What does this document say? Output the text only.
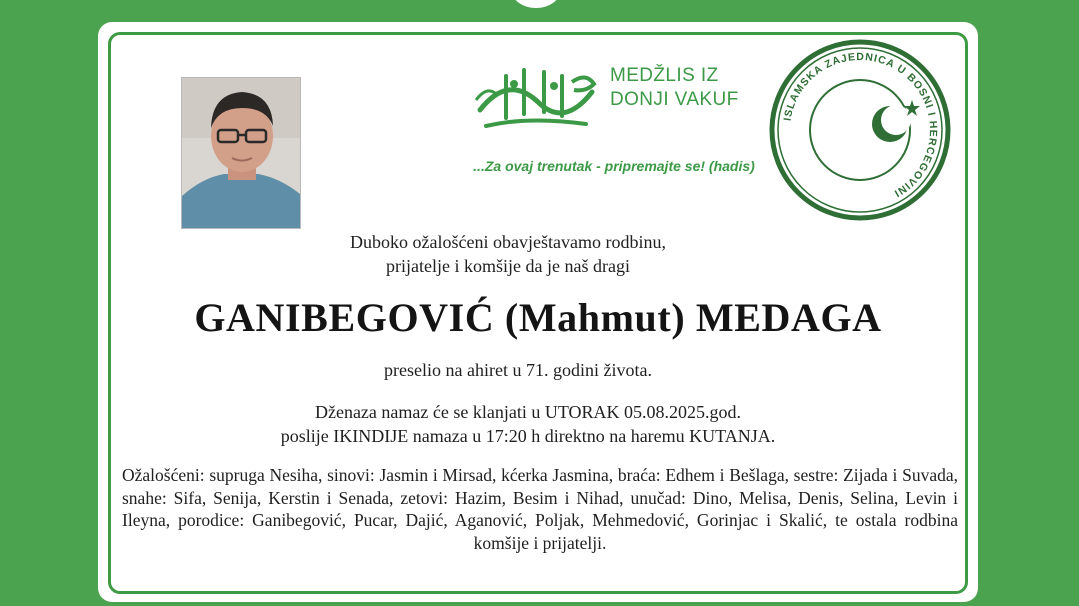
MEDŽLIS IZ
DONJI VAKUF
...Za ovaj trenutak - pripremajte se! (hadis)
ISLAMSKA ZAJEDNICA U BOSNI I HERCEGOVINI
Duboko ožalošćeni obavještavamo rodbinu,
prijatelje i komšije da je naš dragi
GANIBEGOVIĆ (Mahmut) MEDAGA
preselio na ahiret u 71. godini života.
Dženaza namaz će se klanjati u UTORAK 05.08.2025.god.
poslije IKINDIJE namaza u 17:20 h direktno na haremu KUTANJA.
Ožalošćeni: supruga Nesiha, sinovi: Jasmin i Mirsad, kćerka Jasmina, braća: Edhem i Bešlaga, sestre: Zijada i Suvada, snahe: Sifa, Senija, Kerstin i Senada, zetovi: Hazim, Besim i Nihad, unučad: Dino, Melisa, Denis, Selina, Levin i Ileyna, porodice: Ganibegović, Pucar, Dajić, Aganović, Poljak, Mehmedović, Gorinjac i Skalić, te ostala rodbina komšije i prijatelji.
